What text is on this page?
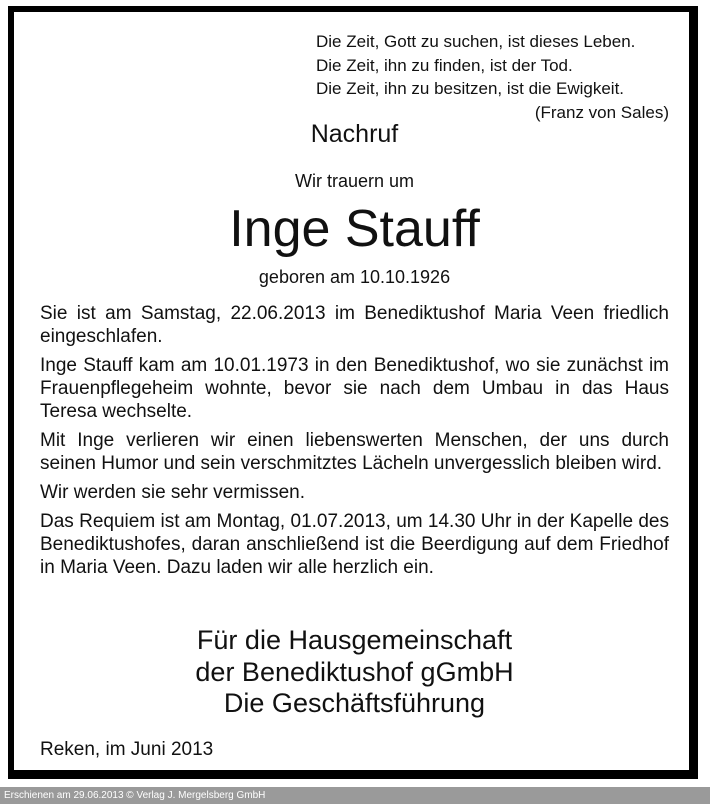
Die Zeit, Gott zu suchen, ist dieses Leben.
Die Zeit, ihn zu finden, ist der Tod.
Die Zeit, ihn zu besitzen, ist die Ewigkeit.
(Franz von Sales)
Nachruf
Wir trauern um
Inge Stauff
geboren am 10.10.1926

Sie ist am Samstag, 22.06.2013 im Benediktushof Maria Veen friedlich eingeschlafen.

Inge Stauff kam am 10.01.1973 in den Benediktushof, wo sie zunächst im Frauenpflegeheim wohnte, bevor sie nach dem Umbau in das Haus Teresa wechselte.

Mit Inge verlieren wir einen liebenswerten Menschen, der uns durch seinen Humor und sein verschmitztes Lächeln unvergesslich bleiben wird.

Wir werden sie sehr vermissen.

Das Requiem ist am Montag, 01.07.2013, um 14.30 Uhr in der Kapelle des Benediktushofes, daran anschließend ist die Beerdigung auf dem Friedhof in Maria Veen. Dazu laden wir alle herzlich ein.

Für die Hausgemeinschaft
der Benediktushof gGmbH
Die Geschäftsführung
Reken, im Juni 2013
Erschienen am 29.06.2013 © Verlag J. Mergelsberg GmbH
